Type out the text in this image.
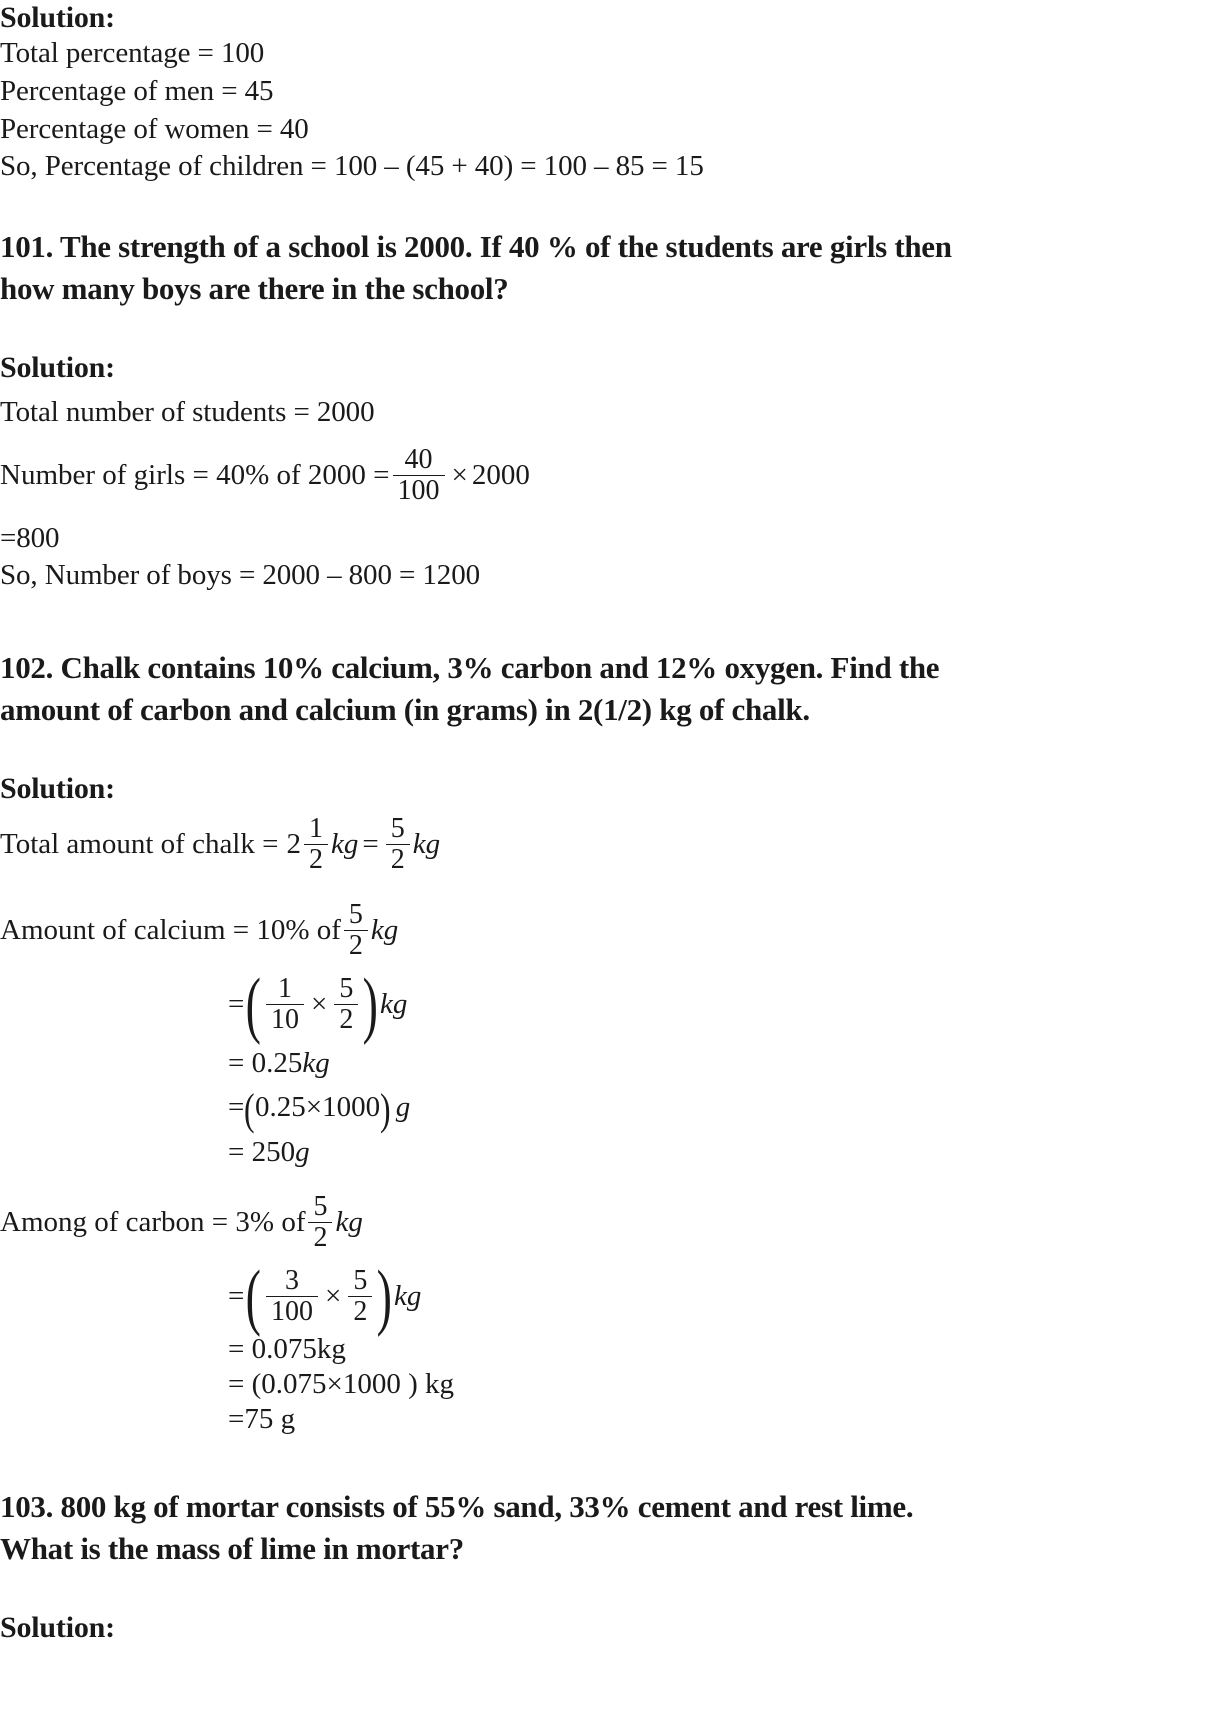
Solution:
Total percentage = 100
Percentage of men = 45
Percentage of women = 40
So, Percentage of children = 100 – (45 + 40) = 100 – 85 = 15
101. The strength of a school is 2000. If 40 % of the students are girls then
how many boys are there in the school?
Solution:
Total number of students = 2000
Number of girls = 40% of $2000 = \frac{40}{100} \times 2000$
=800
So, Number of boys = 2000 – 800 = 1200
102. Chalk contains 10% calcium, 3% carbon and 12% oxygen. Find the
amount of carbon and calcium (in grams) in 2(1/2) kg of chalk.
Solution:
Total amount of chalk = $2 \frac{1}{2}$ kg = $\frac{5}{2}$ kg
Amount of calcium = 10% of $\frac{5}{2}$ kg
= ( $\frac{1}{10} \times \frac{5}{2}$ ) kg
= 0.25 kg
= ( 0.25×1000 ) g
= 250 g
Among of carbon = 3% of $\frac{5}{2}$ kg
= ( $\frac{3}{100} \times \frac{5}{2}$ ) kg
= 0.075kg
= (0.075×1000 ) kg
=75 g
103. 800 kg of mortar consists of 55% sand, 33% cement and rest lime.
What is the mass of lime in mortar?
Solution:
